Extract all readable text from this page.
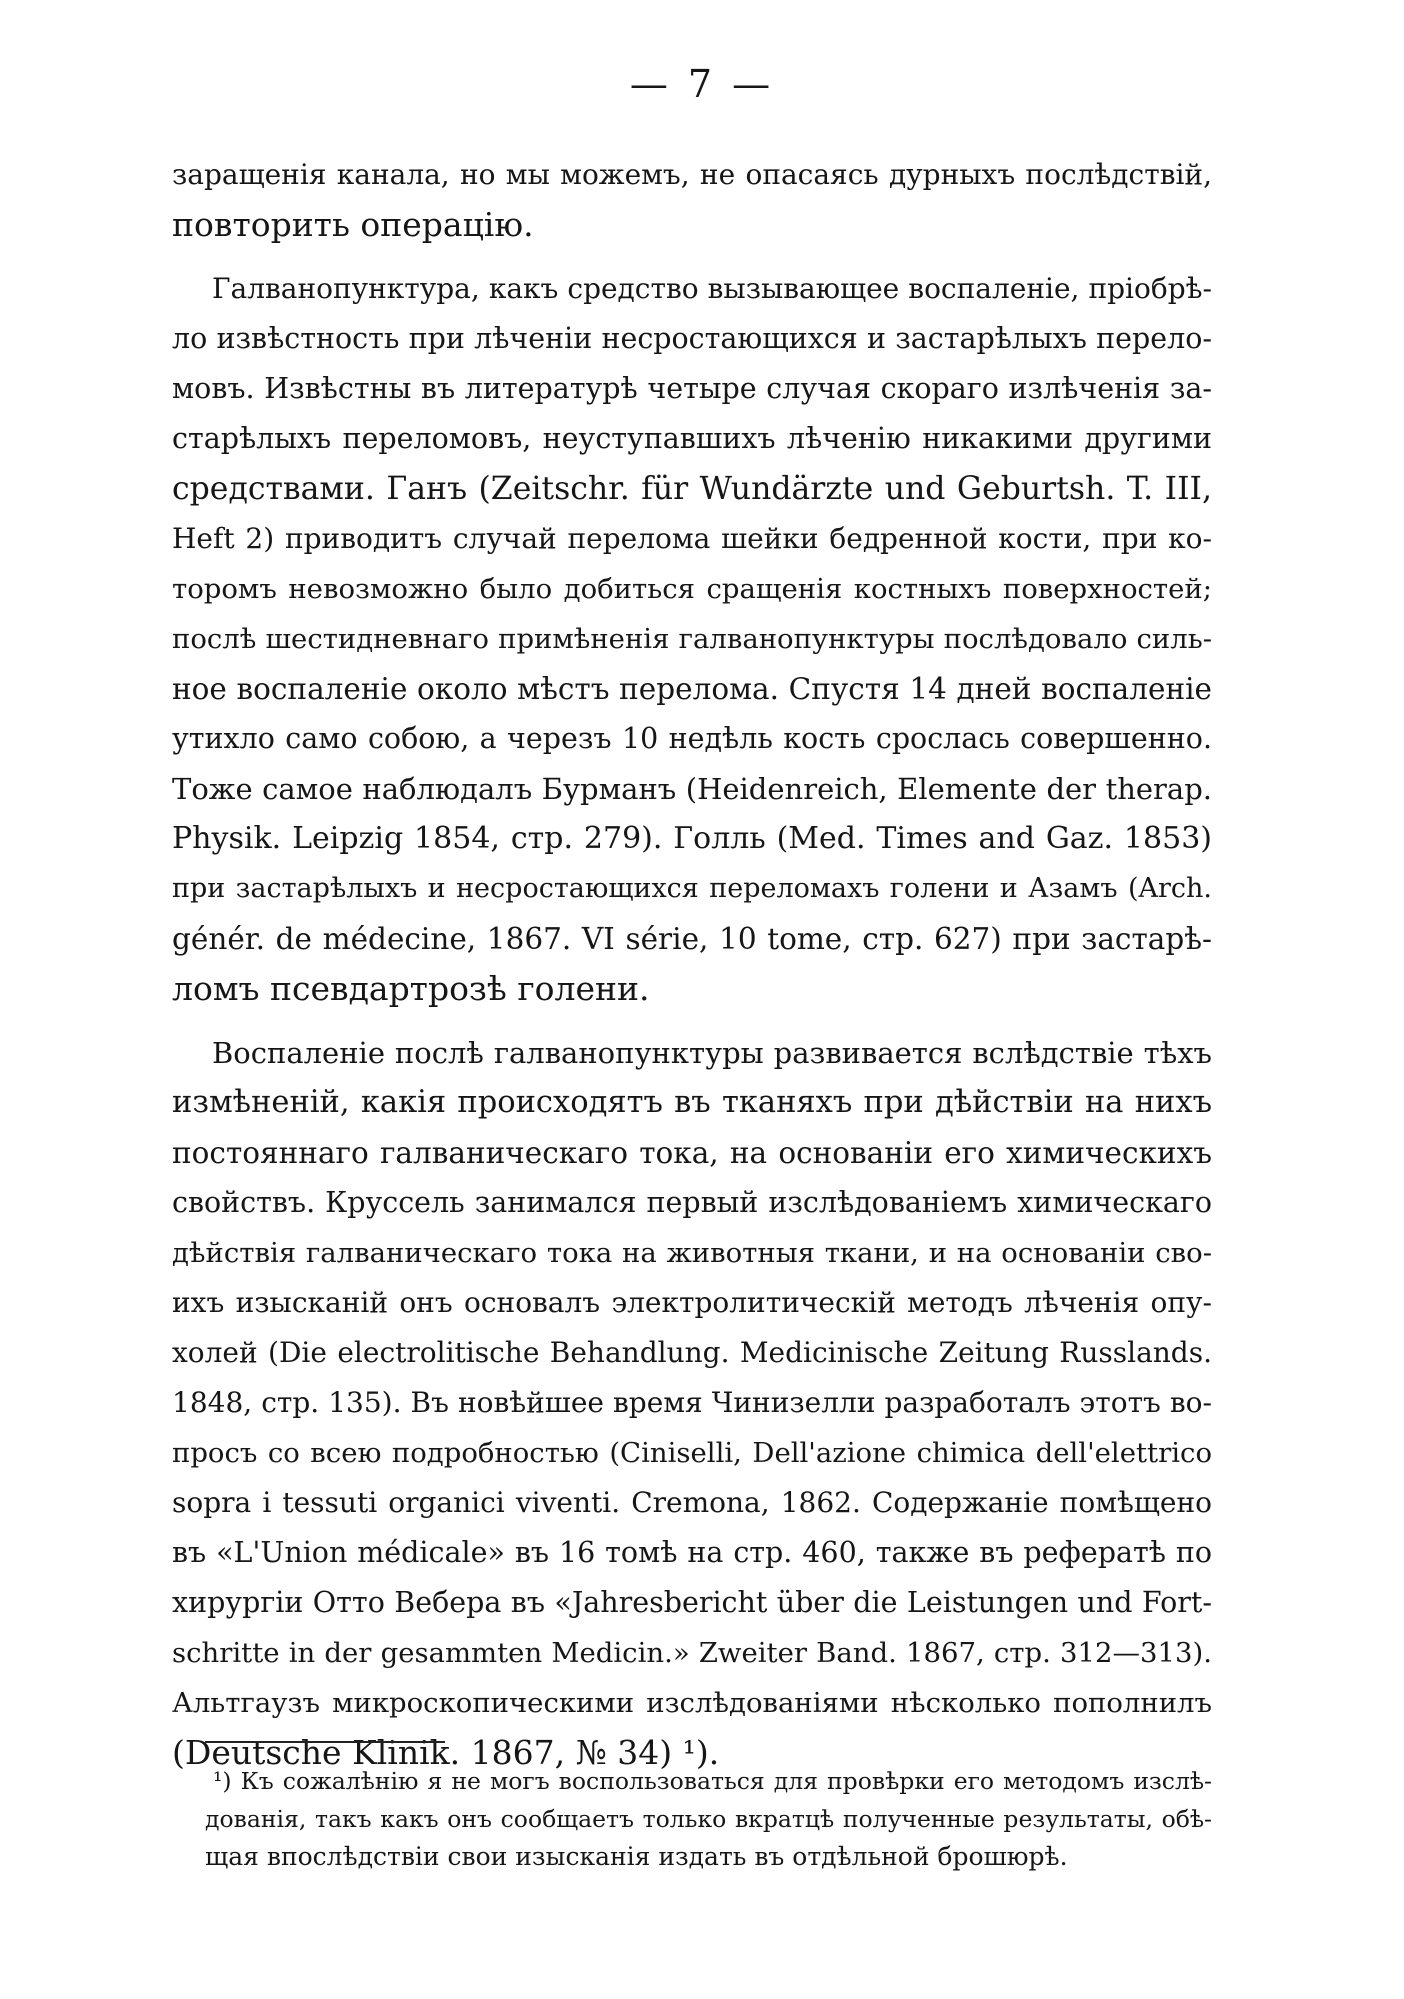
— 7 —
заращенія канала, но мы можемъ, не опасаясь дурныхъ послѣдствій,
повторить операцію.
Галванопунктура, какъ средство вызывающее воспаленіе, пріобрѣ-
ло извѣстность при лѣченіи несростающихся и застарѣлыхъ перело-
мовъ. Извѣстны въ литературѣ четыре случая скораго излѣченія за-
старѣлыхъ переломовъ, неуступавшихъ лѣченію никакими другими
средствами. Ганъ (Zeitschr. für Wundärzte und Geburtsh. T. III,
Heft 2) приводитъ случай перелома шейки бедренной кости, при ко-
торомъ невозможно было добиться сращенія костныхъ поверхностей;
послѣ шестидневнаго примѣненія галванопунктуры послѣдовало силь-
ное воспаленіе около мѣстъ перелома. Спустя 14 дней воспаленіе
утихло само собою, а черезъ 10 недѣль кость срослась совершенно.
Тоже самое наблюдалъ Бурманъ (Heidenreich, Elemente der therap.
Physik. Leipzig 1854, стр. 279). Голль (Med. Times and Gaz. 1853)
при застарѣлыхъ и несростающихся переломахъ голени и Азамъ (Arch.
génér. de médecine, 1867. VI série, 10 tome, стр. 627) при застарѣ-
ломъ псевдартрозѣ голени.
Воспаленіе послѣ галванопунктуры развивается вслѣдствіе тѣхъ
измѣненій, какія происходятъ въ тканяхъ при дѣйствіи на нихъ
постояннаго галваническаго тока, на основаніи его химическихъ
свойствъ. Круссель занимался первый изслѣдованіемъ химическаго
дѣйствія галваническаго тока на животныя ткани, и на основаніи сво-
ихъ изысканій онъ основалъ электролитическій методъ лѣченія опу-
холей (Die electrolitische Behandlung. Medicinische Zeitung Russlands.
1848, стр. 135). Въ новѣйшее время Чинизелли разработалъ этотъ во-
просъ со всею подробностью (Ciniselli, Dell'azione chimica dell'elettrico
sopra i tessuti organici viventi. Cremona, 1862. Содержаніе помѣщено
въ «L'Union médicale» въ 16 томѣ на стр. 460, также въ рефератѣ по
хирургіи Отто Вебера въ «Jahresbericht über die Leistungen und Fort-
schritte in der gesammten Medicin.» Zweiter Band. 1867, стр. 312—313).
Альтгаузъ микроскопическими изслѣдованіями нѣсколько пополнилъ
(Deutsche Klinik. 1867, № 34) ¹).
¹) Къ сожалѣнію я не могъ воспользоваться для провѣрки его методомъ изслѣ-
дованія, такъ какъ онъ сообщаетъ только вкратцѣ полученные результаты, обѣ-
щая впослѣдствіи свои изысканія издать въ отдѣльной брошюрѣ.
